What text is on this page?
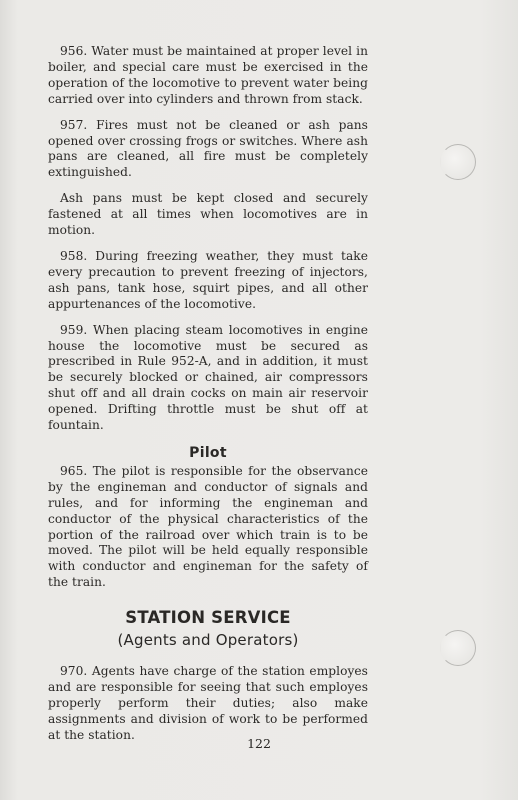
956. Water must be maintained at proper level in boiler, and special care must be exercised in the operation of the locomotive to prevent water being carried over into cylinders and thrown from stack.

957. Fires must not be cleaned or ash pans opened over crossing frogs or switches. Where ash pans are cleaned, all fire must be completely extinguished.

Ash pans must be kept closed and securely fastened at all times when locomotives are in motion.

958. During freezing weather, they must take every precaution to prevent freezing of injectors, ash pans, tank hose, squirt pipes, and all other appurtenances of the locomotive.

959. When placing steam locomotives in engine house the locomotive must be secured as prescribed in Rule 952-A, and in addition, it must be securely blocked or chained, air compressors shut off and all drain cocks on main air reservoir opened. Drifting throttle must be shut off at fountain.

Pilot

965. The pilot is responsible for the observance by the engineman and conductor of signals and rules, and for informing the engineman and conductor of the physical characteristics of the portion of the railroad over which train is to be moved. The pilot will be held equally responsible with conductor and engineman for the safety of the train.

STATION SERVICE
(Agents and Operators)

970. Agents have charge of the station employes and are responsible for seeing that such employes properly perform their duties; also make assignments and division of work to be performed at the station.

122
